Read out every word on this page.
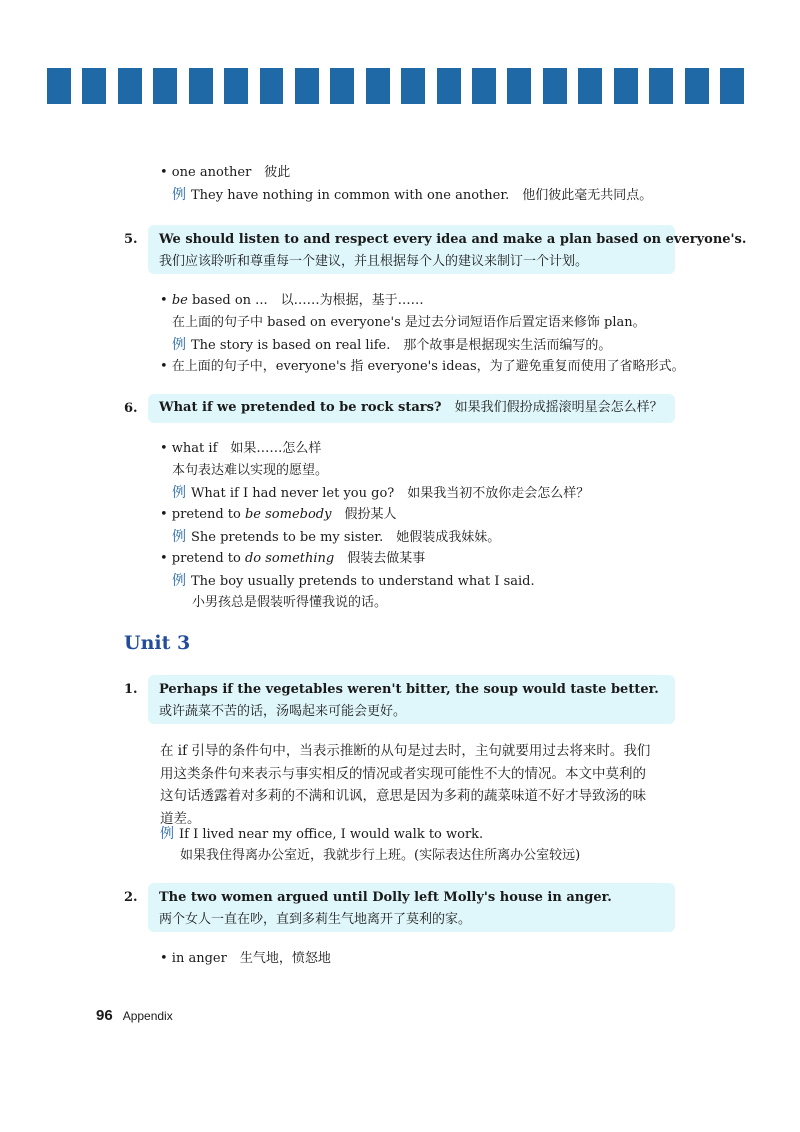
• one another　彼此
例 They have nothing in common with one another.　他们彼此毫无共同点。
5. We should listen to and respect every idea and make a plan based on everyone's.
我们应该聆听和尊重每一个建议，并且根据每个人的建议来制订一个计划。
• be based on ...　以……为根据，基于……
在上面的句子中 based on everyone's 是过去分词短语作后置定语来修饰 plan。
例 The story is based on real life.　那个故事是根据现实生活而编写的。
• 在上面的句子中，everyone's 指 everyone's ideas，为了避免重复而使用了省略形式。
6. What if we pretended to be rock stars?　 如果我们假扮成摇滚明星会怎么样？
• what if　如果……怎么样
本句表达难以实现的愿望。
例 What if I had never let you go?　如果我当初不放你走会怎么样？
• pretend to be somebody　假扮某人
例 She pretends to be my sister.　她假装成我妹妹。
• pretend to do something　假装去做某事
例 The boy usually pretends to understand what I said.
小男孩总是假装听得懂我说的话。
Unit 3
1. Perhaps if the vegetables weren't bitter, the soup would taste better.
或许蔬菜不苦的话，汤喝起来可能会更好。
在 if 引导的条件句中，当表示推断的从句是过去时，主句就要用过去将来时。我们
用这类条件句来表示与事实相反的情况或者实现可能性不大的情况。本文中莫利的
这句话透露着对多莉的不满和讥讽，意思是因为多莉的蔬菜味道不好才导致汤的味
道差。
例 If I lived near my office, I would walk to work.
如果我住得离办公室近，我就步行上班。(实际表达住所离办公室较远)
2. The two women argued until Dolly left Molly's house in anger.
两个女人一直在吵，直到多莉生气地离开了莫利的家。
• in anger　生气地，愤怒地
96 Appendix
